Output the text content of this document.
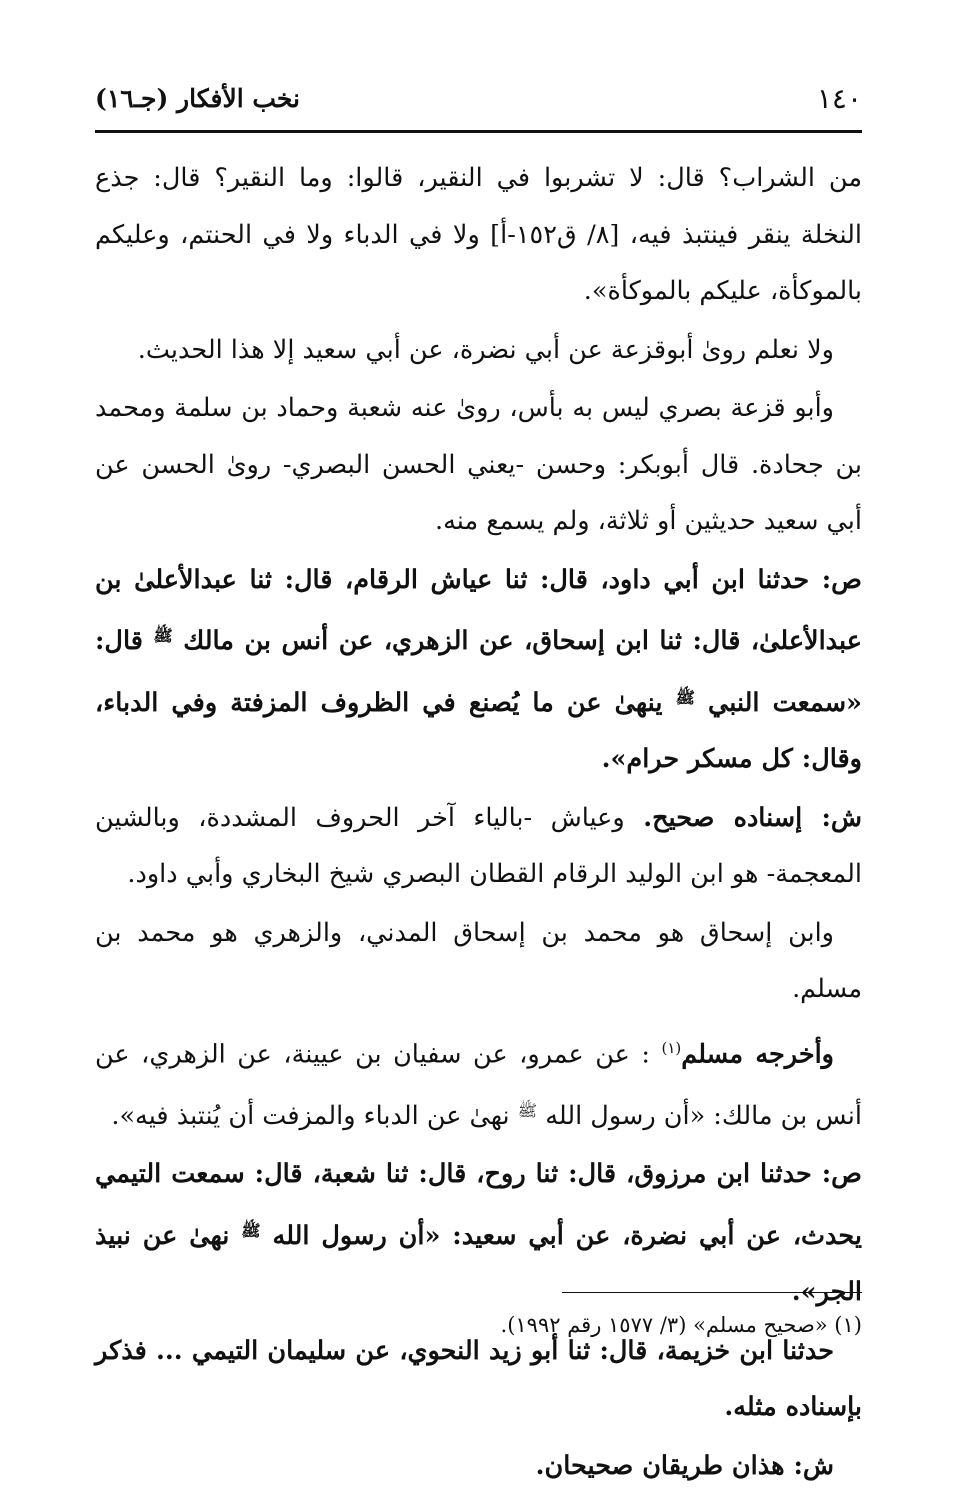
١٤٠
نخب الأفكار (جـ١٦)

من الشراب؟ قال: لا تشربوا في النقير، قالوا: وما النقير؟ قال: جذع النخلة ينقر فينتبذ فيه، [٨/ ق١٥٢-أ] ولا في الدباء ولا في الحنتم، وعليكم بالموكأة، عليكم بالموكأة».

ولا نعلم روىٰ أبوقزعة عن أبي نضرة، عن أبي سعيد إلا هذا الحديث.

وأبو قزعة بصري ليس به بأس، روىٰ عنه شعبة وحماد بن سلمة ومحمد بن جحادة. قال أبوبكر: وحسن -يعني الحسن البصري- روىٰ الحسن عن أبي سعيد حديثين أو ثلاثة، ولم يسمع منه.

ص: حدثنا ابن أبي داود، قال: ثنا عياش الرقام، قال: ثنا عبدالأعلىٰ بن عبدالأعلىٰ، قال: ثنا ابن إسحاق، عن الزهري، عن أنس بن مالك $^ﷺ$ قال: «سمعت النبي $^ﷺ$ ينهىٰ عن ما يُصنع في الظروف المزفتة وفي الدباء، وقال: كل مسكر حرام».

ش: إسناده صحيح. وعياش -بالياء آخر الحروف المشددة، وبالشين المعجمة- هو ابن الوليد الرقام القطان البصري شيخ البخاري وأبي داود.

وابن إسحاق هو محمد بن إسحاق المدني، والزهري هو محمد بن مسلم.

وأخرجه مسلم$^{(١)}$ : عن عمرو، عن سفيان بن عيينة، عن الزهري، عن أنس بن مالك: «أن رسول الله $^ﷺ$ نهىٰ عن الدباء والمزفت أن يُنتبذ فيه».

ص: حدثنا ابن مرزوق، قال: ثنا روح، قال: ثنا شعبة، قال: سمعت التيمي يحدث، عن أبي نضرة، عن أبي سعيد: «أن رسول الله $^ﷺ$ نهىٰ عن نبيذ الجر».

حدثنا ابن خزيمة، قال: ثنا أبو زيد النحوي، عن سليمان التيمي ... فذكر بإسناده مثله.

ش: هذان طريقان صحيحان.

(١) «صحيح مسلم» (٣/ ١٥٧٧ رقم ١٩٩٢).
